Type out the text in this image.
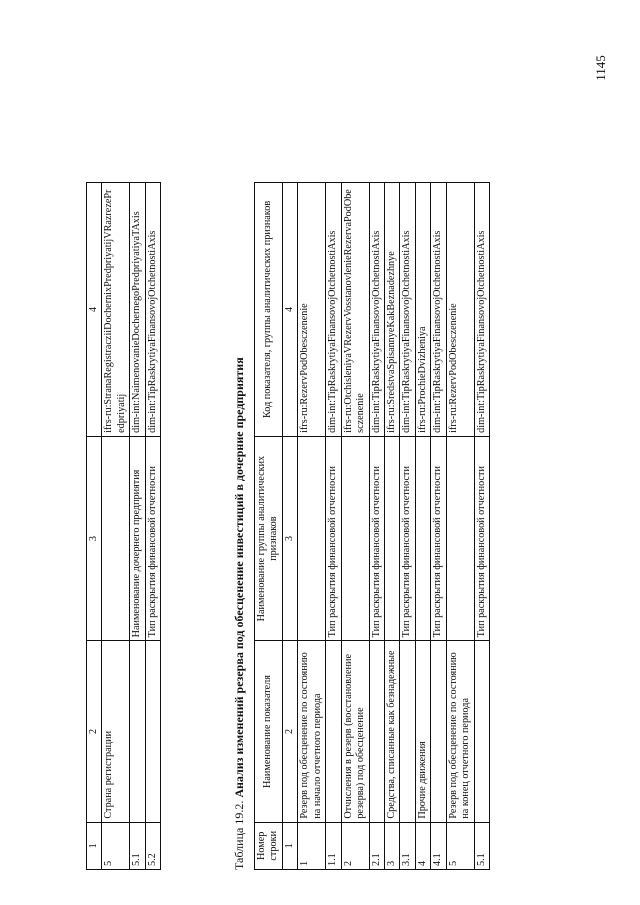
1145
1	2	3	4
5	Страна регистрации		ifrs-ru:StranaRegistracziiDocherniхPredpriyatijVRazrezePredpriyatij
5.1		Наименование дочернего предприятия	dim-int:NaimenovanieDochernegoPredpriyatiyaTAxis
5.2		Тип раскрытия финансовой отчетности	dim-int:TipRaskrytiyaFinansovojOtchetnostiAxis
Таблица 19.2. Анализ изменений резерва под обесценение инвестиций в дочерние предприятия
Номер строки	Наименование показателя	Наименование группы аналитических признаков	Код показателя, группы аналитических признаков
1	2	3	4
1	Резерв под обесценение по состоянию на начало отчетного периода		ifrs-ru:RezervPodObesczenenie
1.1		Тип раскрытия финансовой отчетности	dim-int:TipRaskrytiyaFinansovojOtchetnostiAxis
2	Отчисления в резерв (восстановление резерва) под обесценение		ifrs-ru:OtchisleniyaVRezervVosstanovlenieRezervaPodObesczenenie
2.1		Тип раскрытия финансовой отчетности	dim-int:TipRaskrytiyaFinansovojOtchetnostiAxis
3	Средства, списанные как безнадежные		ifrs-ru:SredstvaSpisannyeKakBeznadezhnye
3.1		Тип раскрытия финансовой отчетности	dim-int:TipRaskrytiyaFinansovojOtchetnostiAxis
4	Прочие движения		ifrs-ru:ProchieDvizheniya
4.1		Тип раскрытия финансовой отчетности	dim-int:TipRaskrytiyaFinansovojOtchetnostiAxis
5	Резерв под обесценение по состоянию на конец отчетного периода		ifrs-ru:RezervPodObesczenenie
5.1		Тип раскрытия финансовой отчетности	dim-int:TipRaskrytiyaFinansovojOtchetnostiAxis
